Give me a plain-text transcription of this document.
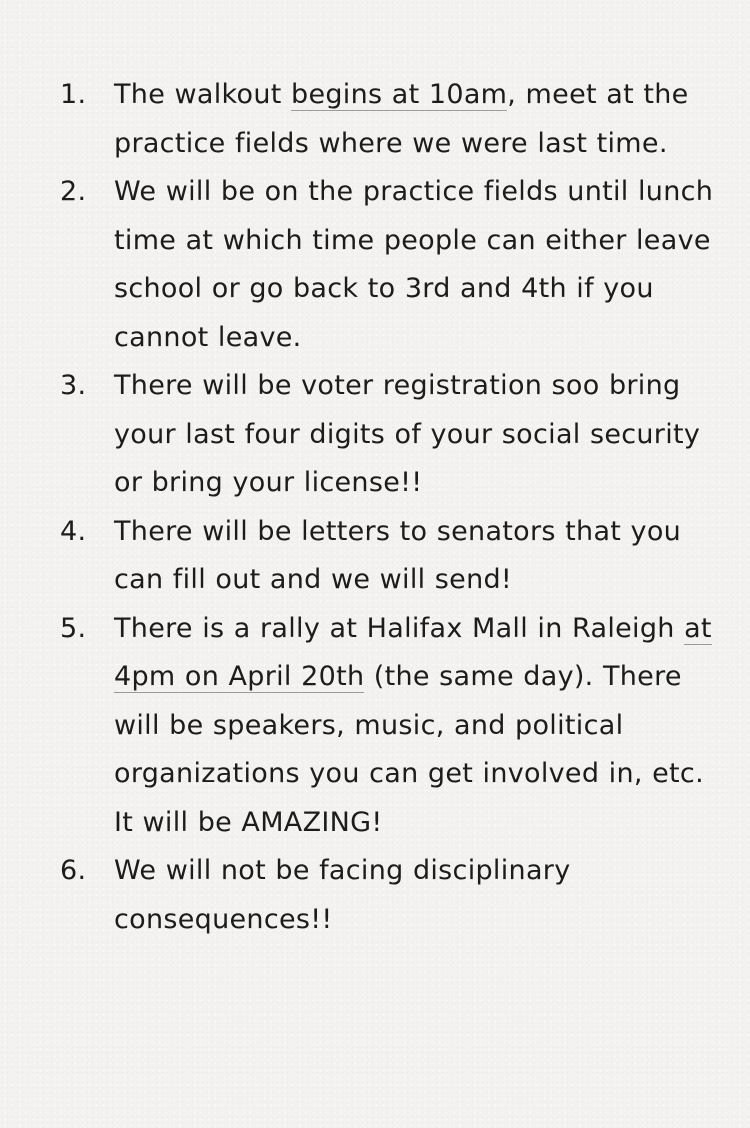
1.	The walkout begins at 10am, meet at the practice fields where we were last time.
2.	We will be on the practice fields until lunch time at which time people can either leave school or go back to 3rd and 4th if you cannot leave.
3.	There will be voter registration soo bring your last four digits of your social security or bring your license!!
4.	There will be letters to senators that you can fill out and we will send!
5.	There is a rally at Halifax Mall in Raleigh at 4pm on April 20th (the same day). There will be speakers, music, and political organizations you can get involved in, etc. It will be AMAZING!
6.	We will not be facing disciplinary consequences!!
